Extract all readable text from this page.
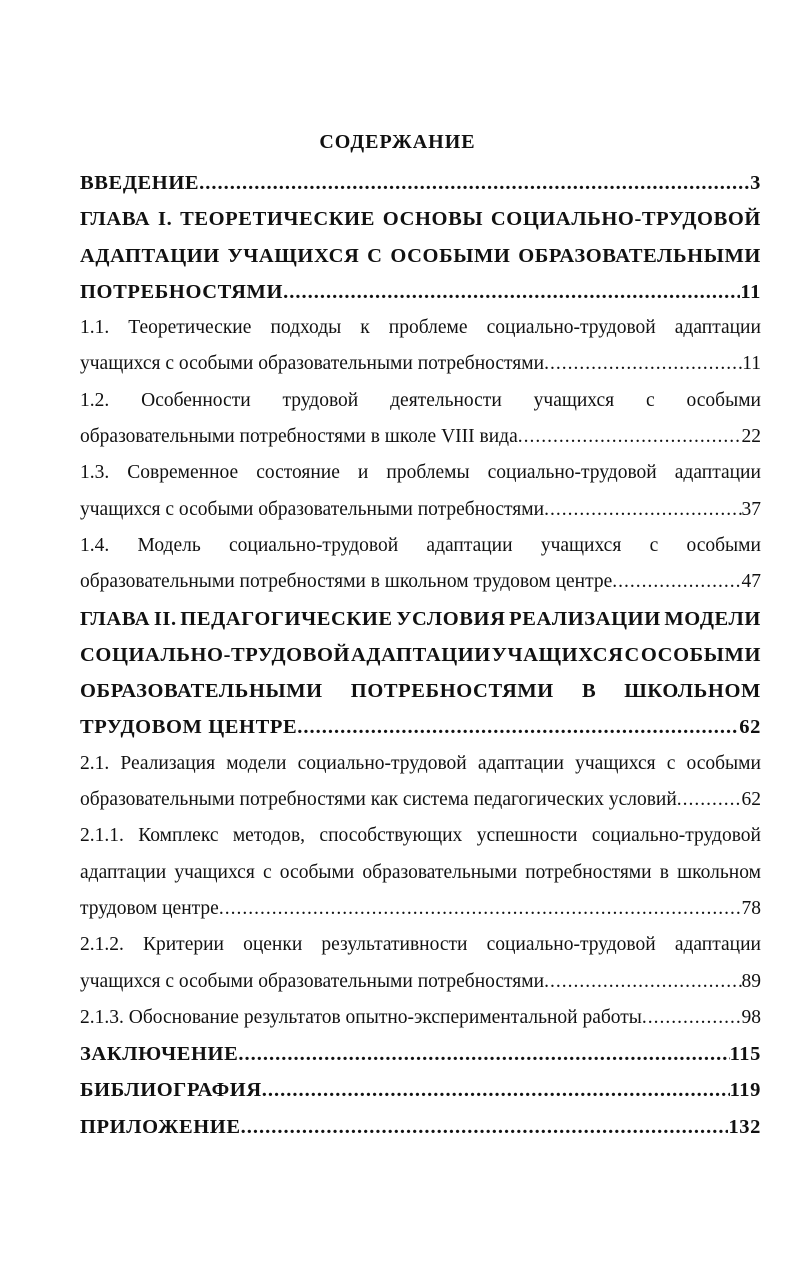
СОДЕРЖАНИЕ
ВВЕДЕНИЕ .....	3
ГЛАВА I. ТЕОРЕТИЧЕСКИЕ ОСНОВЫ СОЦИАЛЬНО-ТРУДОВОЙ
АДАПТАЦИИ УЧАЩИХСЯ С ОСОБЫМИ ОБРАЗОВАТЕЛЬНЫМИ
ПОТРЕБНОСТЯМИ .....	11
1.1. Теоретические подходы к проблеме социально-трудовой адаптации
учащихся с особыми образовательными потребностями .....	11
1.2. Особенности трудовой деятельности учащихся с особыми
образовательными потребностями в школе VIII вида .....	22
1.3. Современное состояние и проблемы социально-трудовой адаптации
учащихся с особыми образовательными потребностями .....	37
1.4. Модель социально-трудовой адаптации учащихся с особыми
образовательными потребностями в школьном трудовом центре .....	47
ГЛАВА II. ПЕДАГОГИЧЕСКИЕ УСЛОВИЯ РЕАЛИЗАЦИИ МОДЕЛИ
СОЦИАЛЬНО-ТРУДОВОЙ АДАПТАЦИИ УЧАЩИХСЯ С ОСОБЫМИ
ОБРАЗОВАТЕЛЬНЫМИ ПОТРЕБНОСТЯМИ В ШКОЛЬНОМ
ТРУДОВОМ ЦЕНТРЕ .....	62
2.1. Реализация модели социально-трудовой адаптации учащихся с особыми
образовательными потребностями как система педагогических условий .....	62
2.1.1. Комплекс методов, способствующих успешности социально-трудовой
адаптации учащихся с особыми образовательными потребностями в школьном
трудовом центре .....	78
2.1.2. Критерии оценки результативности социально-трудовой адаптации
учащихся с особыми образовательными потребностями .....	89
2.1.3. Обоснование результатов опытно-экспериментальной работы .....	98
ЗАКЛЮЧЕНИЕ .....	115
БИБЛИОГРАФИЯ .....	119
ПРИЛОЖЕНИЕ .....	132
